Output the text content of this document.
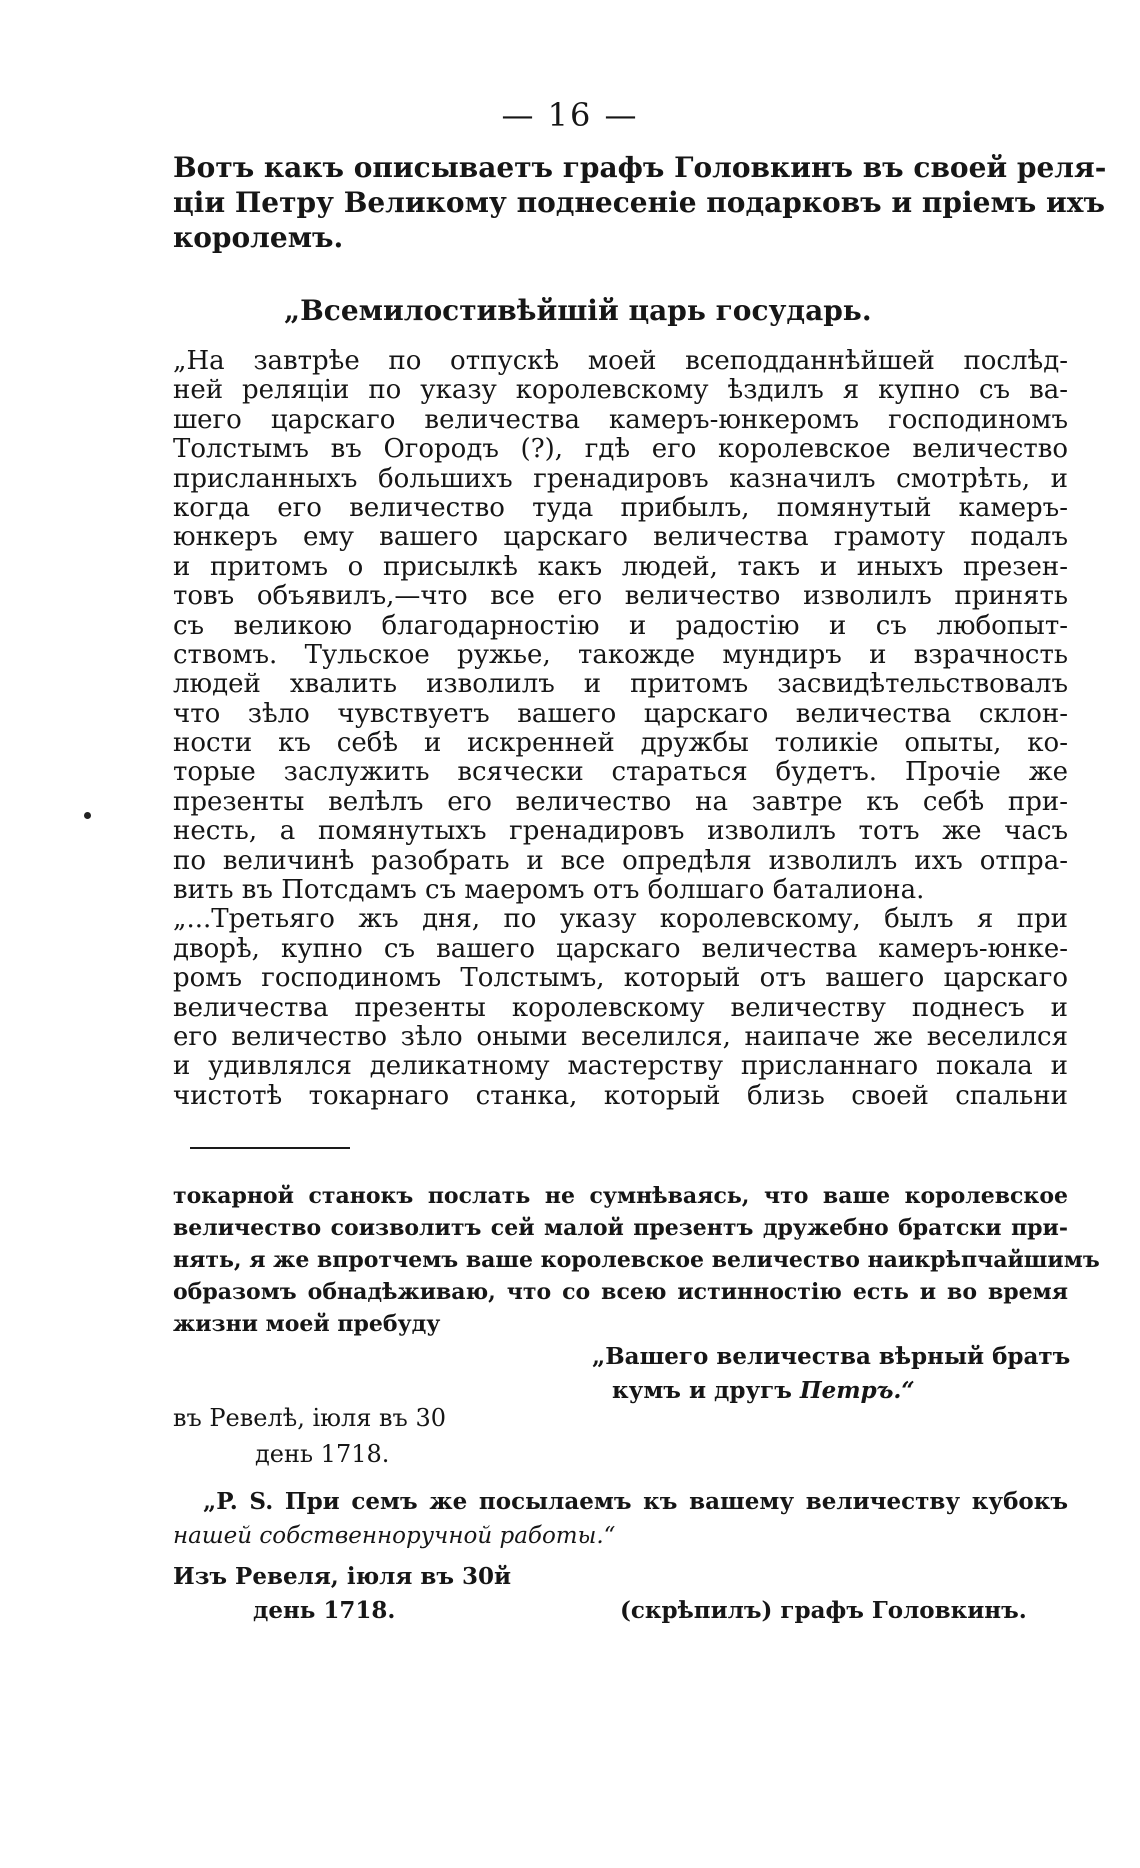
— 16 —
Вотъ какъ описываетъ графъ Головкинъ въ своей реля-
ціи Петру Великому поднесеніе подарковъ и пріемъ ихъ
королемъ.
„Всемилостивѣйшій царь государь.
„На завтрѣе по отпускѣ моей всеподданнѣйшей послѣд-
ней реляціи по указу королевскому ѣздилъ я купно съ ва-
шего царскаго величества камеръ-юнкеромъ господиномъ
Толстымъ въ Огородъ (?), гдѣ его королевское величество
присланныхъ большихъ гренадировъ казначилъ смотрѣть, и
когда его величество туда прибылъ, помянутый камеръ-
юнкеръ ему вашего царскаго величества грамоту подалъ
и притомъ о присылкѣ какъ людей, такъ и иныхъ презен-
товъ объявилъ,—что все его величество изволилъ принять
съ великою благодарностію и радостію и съ любопыт-
ствомъ. Тульское ружье, такожде мундиръ и взрачность
людей хвалить изволилъ и притомъ засвидѣтельствовалъ
что зѣло чувствуетъ вашего царскаго величества склон-
ности къ себѣ и искренней дружбы толикіе опыты, ко-
торые заслужить всячески стараться будетъ. Прочіе же
презенты велѣлъ его величество на завтре къ себѣ при-
несть, а помянутыхъ гренадировъ изволилъ тотъ же часъ
по величинѣ разобрать и все опредѣля изволилъ ихъ отпра-
вить въ Потсдамъ съ маеромъ отъ болшаго баталиона.
„...Третьяго жъ дня, по указу королевскому, былъ я при
дворѣ, купно съ вашего царскаго величества камеръ-юнке-
ромъ господиномъ Толстымъ, который отъ вашего царскаго
величества презенты королевскому величеству поднесъ и
его величество зѣло оными веселился, наипаче же веселился
и удивлялся деликатному мастерству присланнаго покала и
чистотѣ токарнаго станка, который близь своей спальни
токарной станокъ послать не сумнѣваясь, что ваше королевское
величество соизволитъ сей малой презентъ дружебно братски при-
нять, я же впротчемъ ваше королевское величество наикрѣпчайшимъ
образомъ обнадѣживаю, что со всею истинностію есть и во время
жизни моей пребуду
„Вашего величества вѣрный братъ
кумъ и другъ Петръ.“
въ Ревелѣ, іюля въ 30
день 1718.
„P. S. При семъ же посылаемъ къ вашему величеству кубокъ
нашей собственноручной работы.“
Изъ Ревеля, іюля въ 30й
день 1718.	(скрѣпилъ) графъ Головкинъ.
